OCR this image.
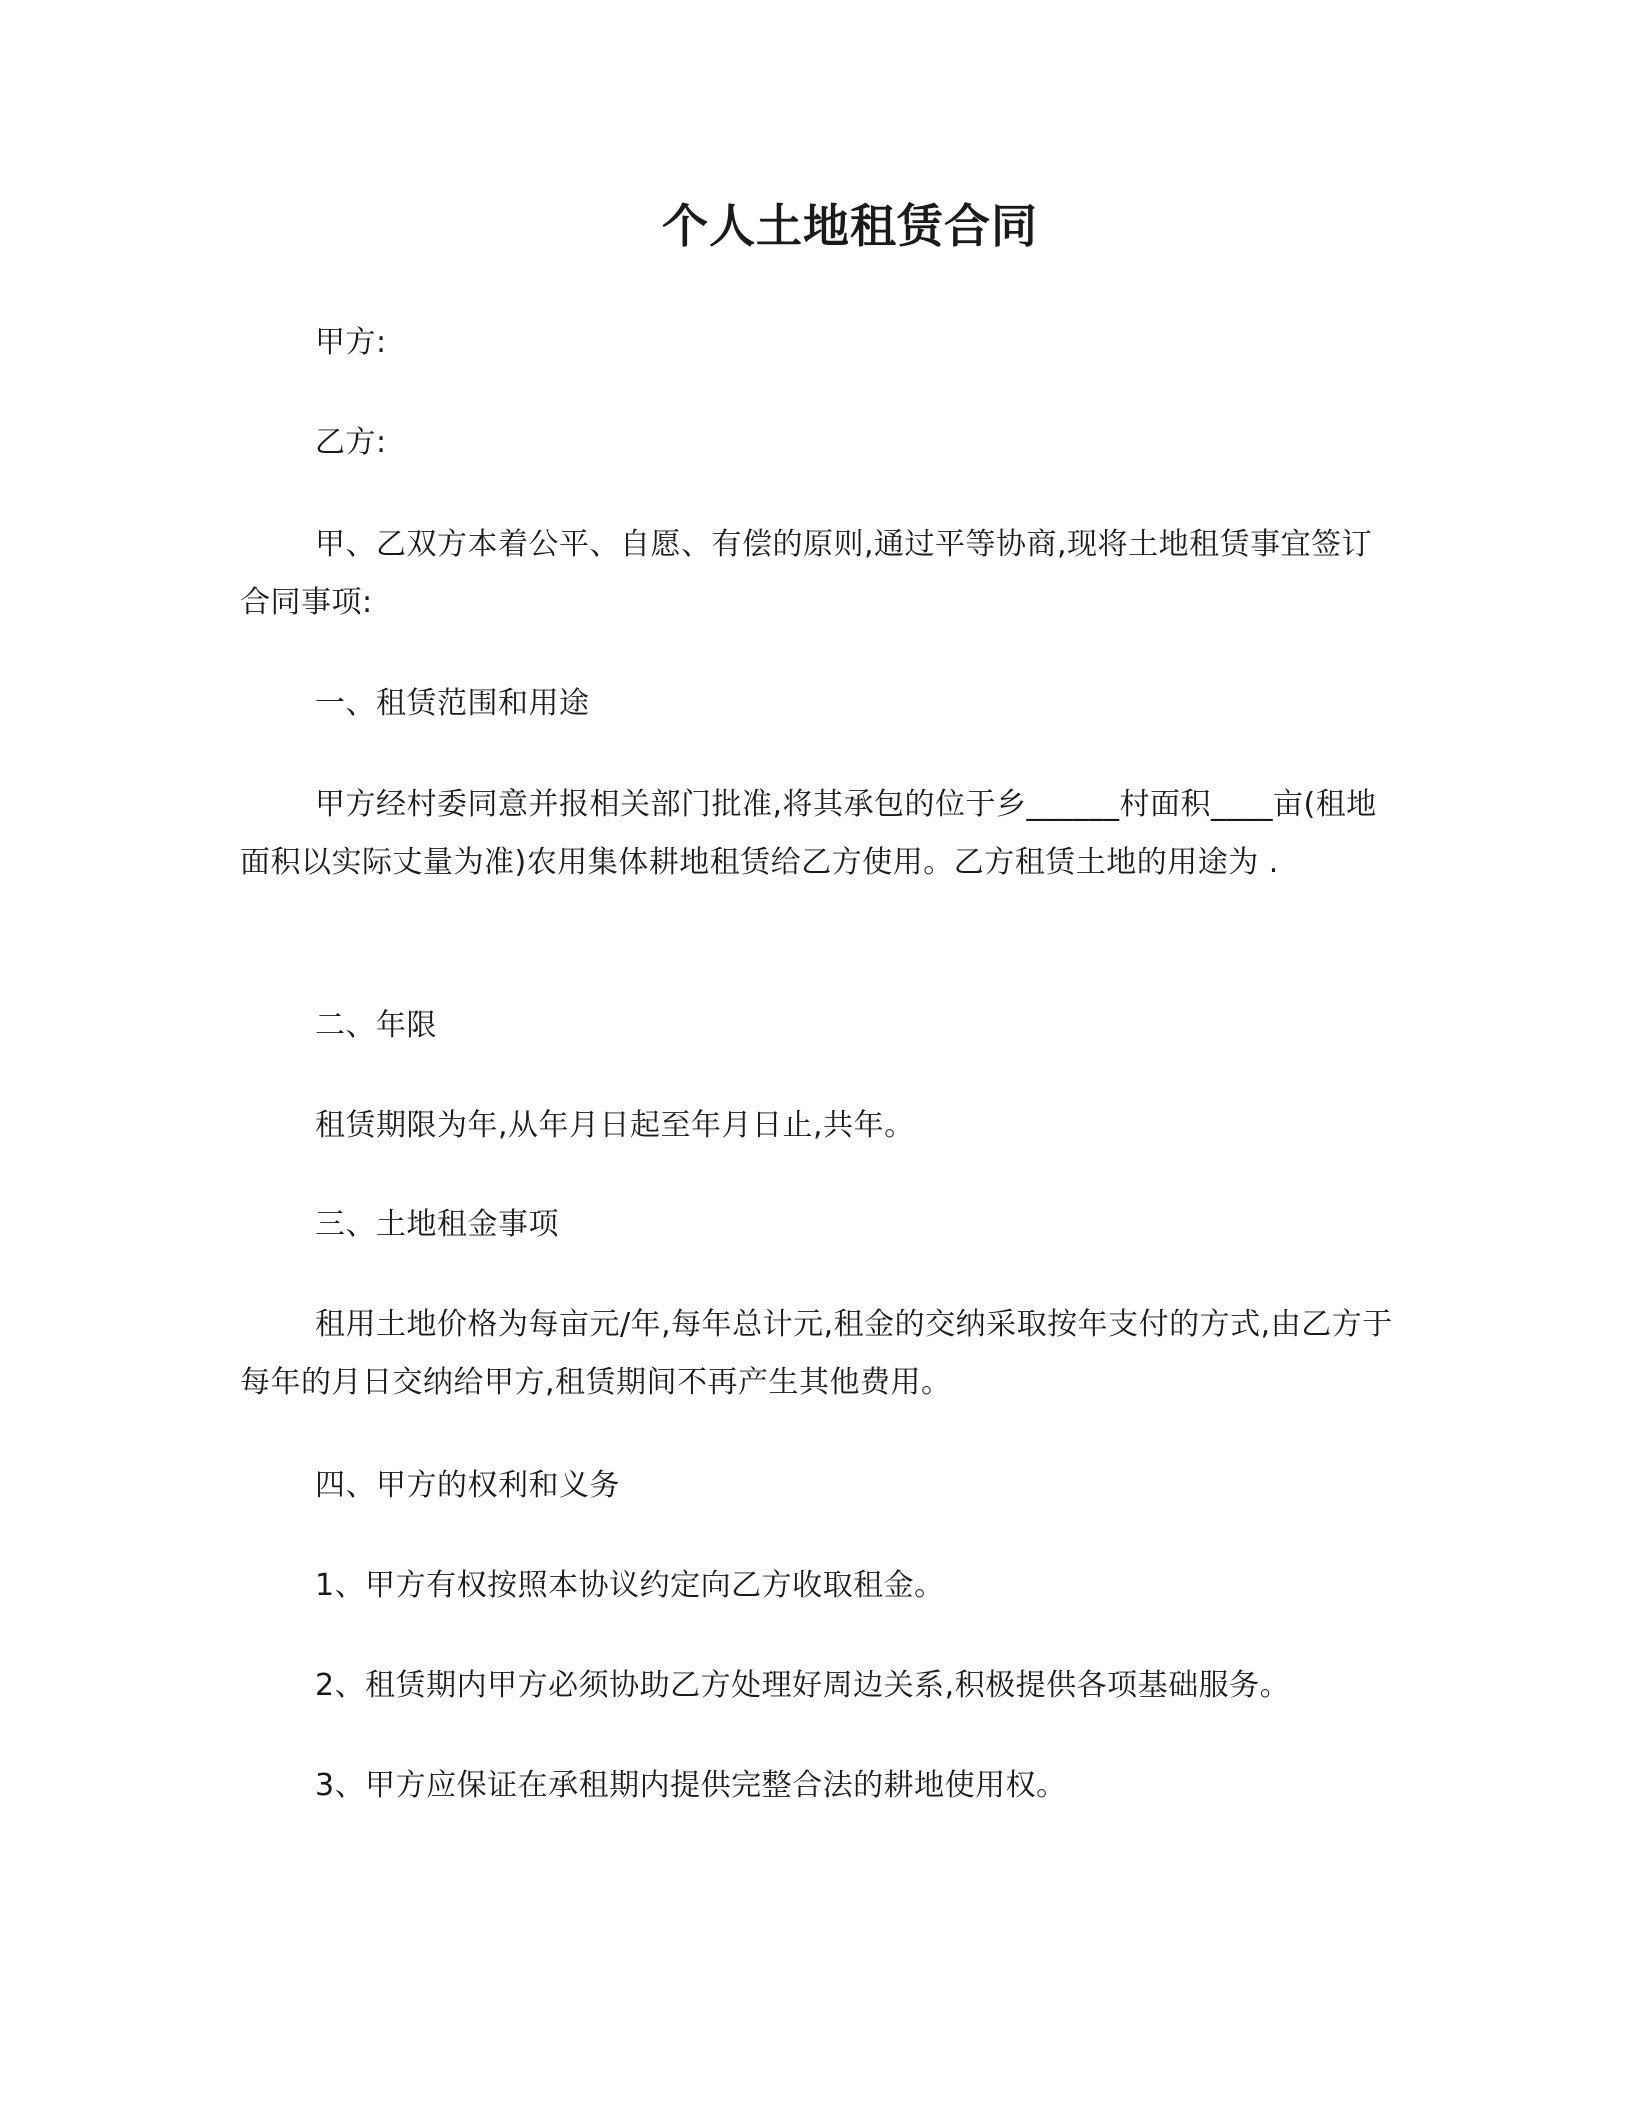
个人土地租赁合同
甲方:
乙方:
甲、乙双方本着公平、自愿、有偿的原则,通过平等协商,现将土地租赁事宜签订合同事项:
一、租赁范围和用途
甲方经村委同意并报相关部门批准,将其承包的位于乡______村面积____亩(租地面积以实际丈量为准)农用集体耕地租赁给乙方使用。乙方租赁土地的用途为 .
二、年限
租赁期限为年,从年月日起至年月日止,共年。
三、土地租金事项
租用土地价格为每亩元/年,每年总计元,租金的交纳采取按年支付的方式,由乙方于每年的月日交纳给甲方,租赁期间不再产生其他费用。
四、甲方的权利和义务
1、甲方有权按照本协议约定向乙方收取租金。
2、租赁期内甲方必须协助乙方处理好周边关系,积极提供各项基础服务。
3、甲方应保证在承租期内提供完整合法的耕地使用权。
